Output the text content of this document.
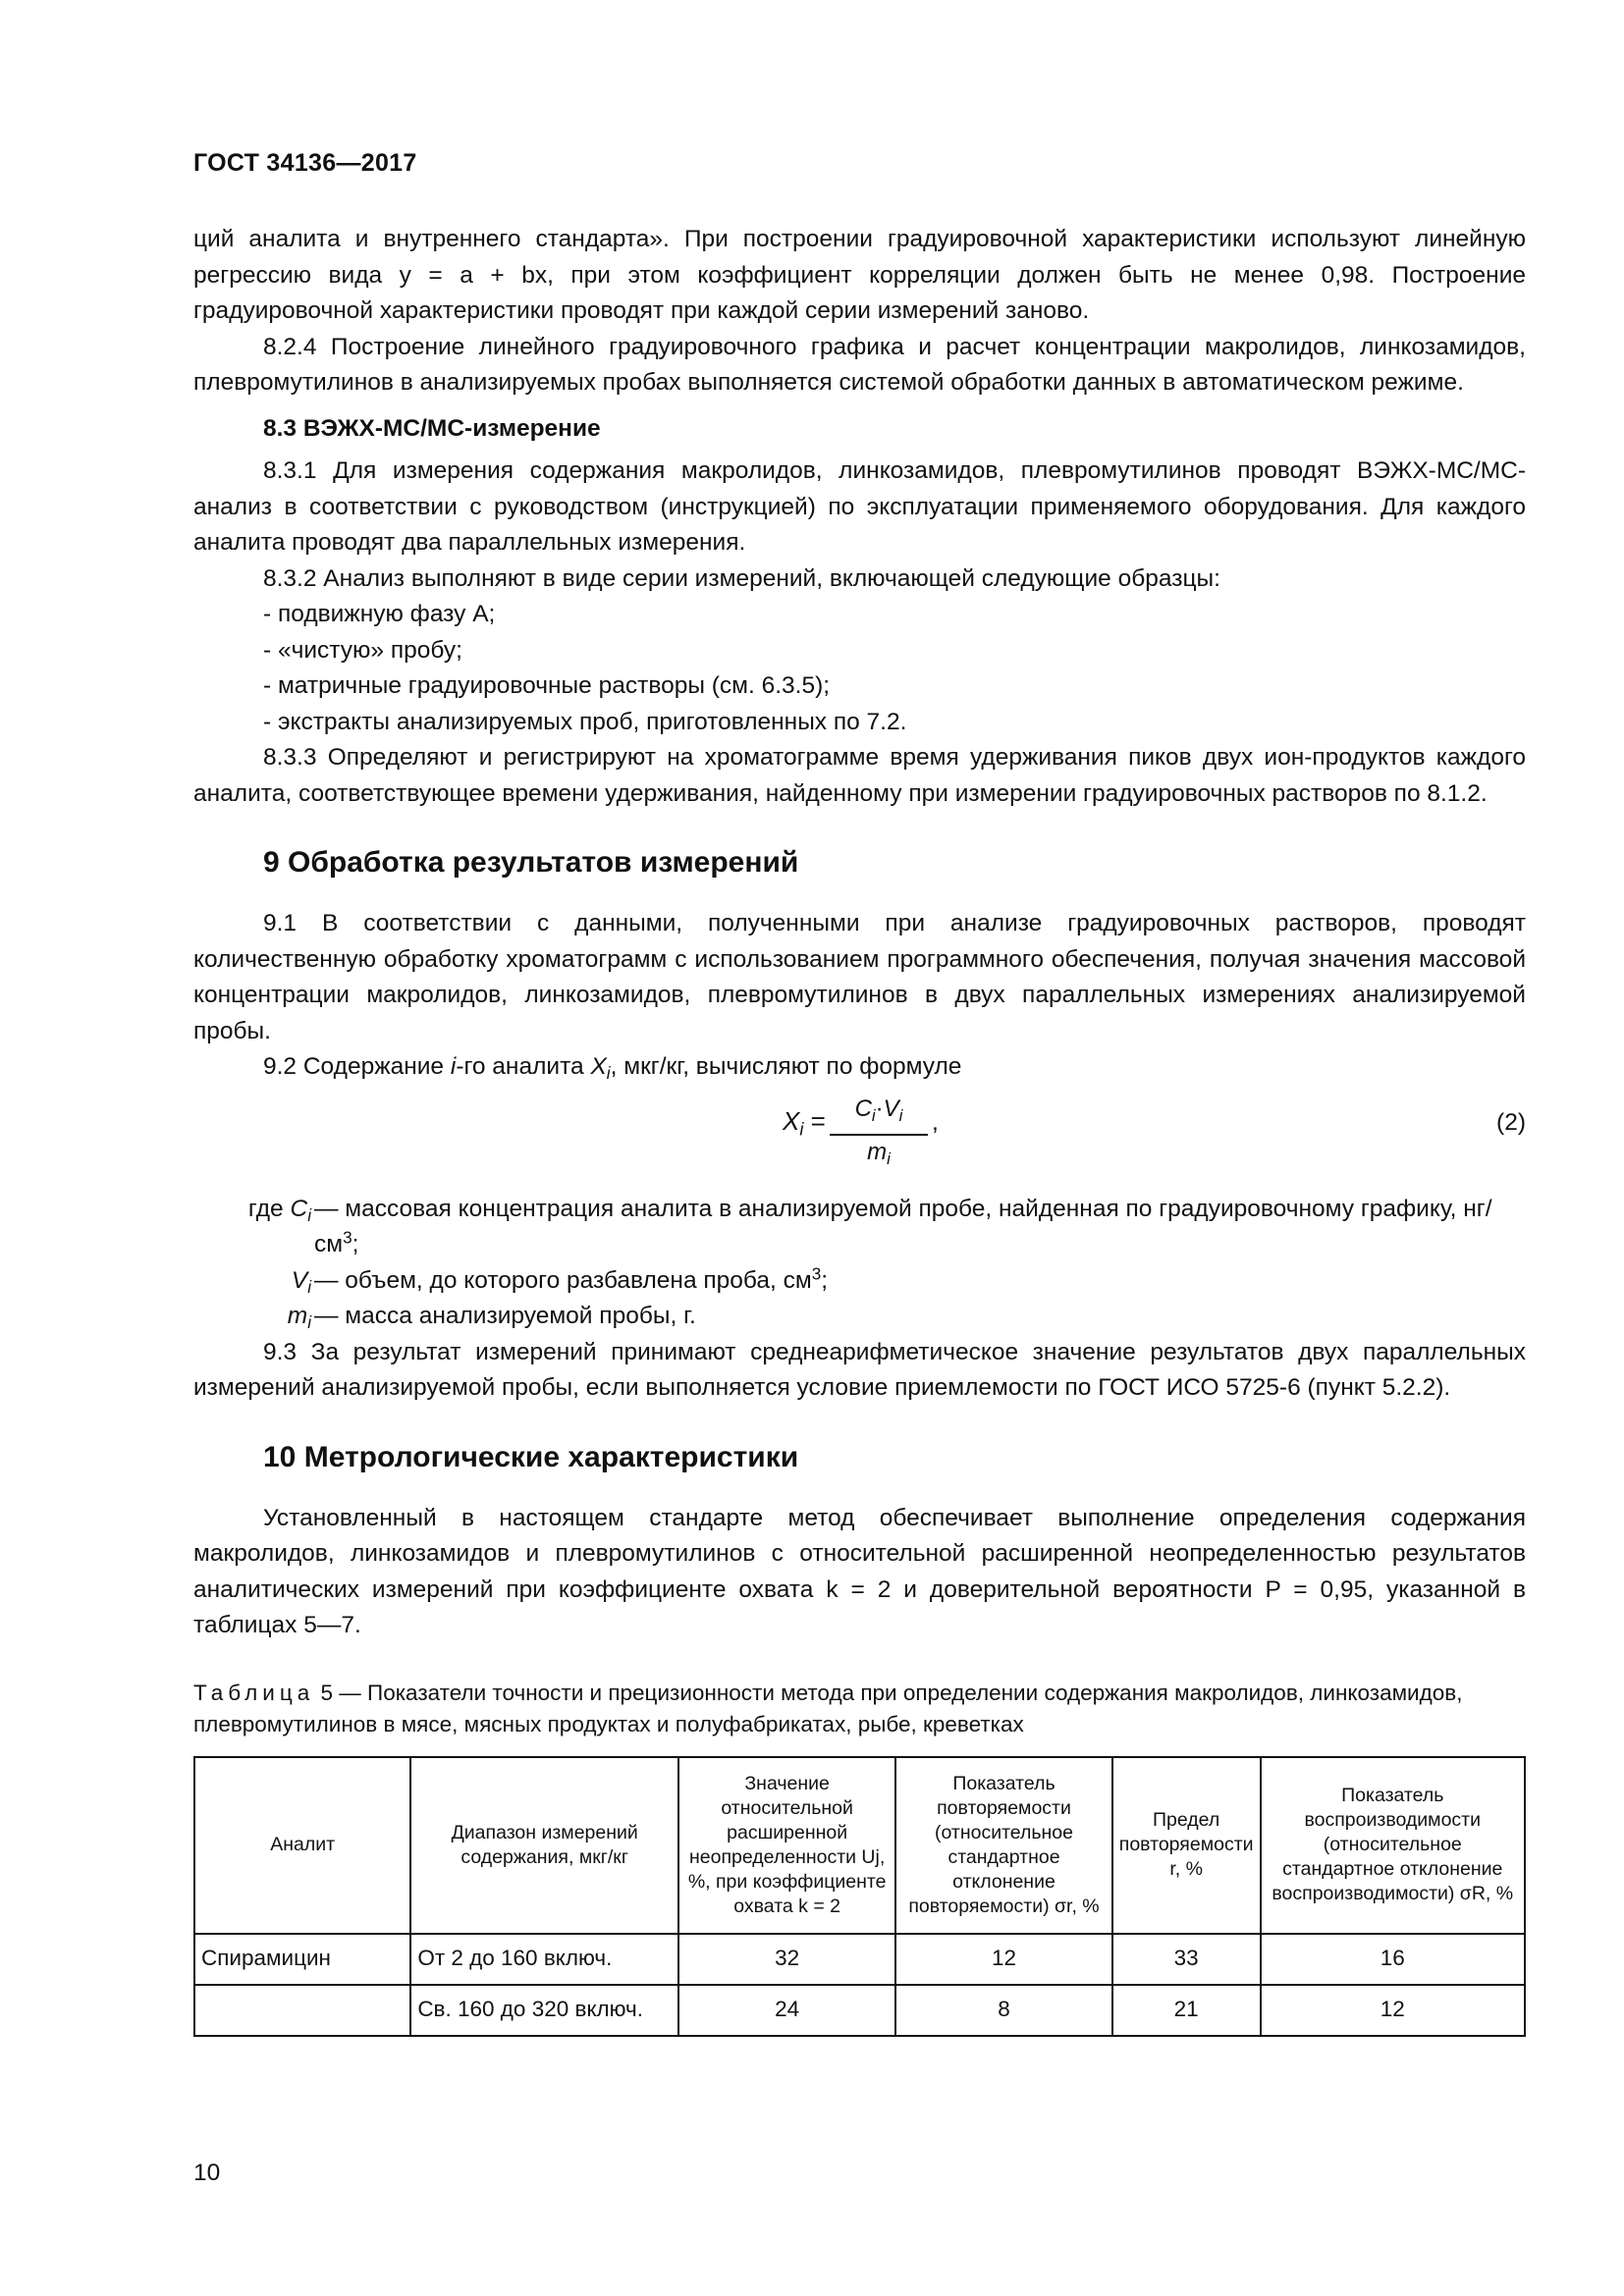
ГОСТ 34136—2017

ций аналита и внутреннего стандарта». При построении градуировочной характеристики используют линейную регрессию вида y = a + bx, при этом коэффициент корреляции должен быть не менее 0,98. Построение градуировочной характеристики проводят при каждой серии измерений заново.

8.2.4 Построение линейного градуировочного графика и расчет концентрации макролидов, линкозамидов, плевромутилинов в анализируемых пробах выполняется системой обработки данных в автоматическом режиме.

8.3 ВЭЖХ-МС/МС-измерение

8.3.1 Для измерения содержания макролидов, линкозамидов, плевромутилинов проводят ВЭЖХ-МС/МС-анализ в соответствии с руководством (инструкцией) по эксплуатации применяемого оборудования. Для каждого аналита проводят два параллельных измерения.

8.3.2 Анализ выполняют в виде серии измерений, включающей следующие образцы:

- подвижную фазу А;

- «чистую» пробу;

- матричные градуировочные растворы (см. 6.3.5);

- экстракты анализируемых проб, приготовленных по 7.2.

8.3.3 Определяют и регистрируют на хроматограмме время удерживания пиков двух ион-продуктов каждого аналита, соответствующее времени удерживания, найденному при измерении градуировочных растворов по 8.1.2.

9 Обработка результатов измерений

9.1 В соответствии с данными, полученными при анализе градуировочных растворов, проводят количественную обработку хроматограмм с использованием программного обеспечения, получая значения массовой концентрации макролидов, линкозамидов, плевромутилинов в двух параллельных измерениях анализируемой пробы.

9.2 Содержание i-го аналита $X_i$, мкг/кг, вычисляют по формуле

$X_i = \frac{C_i\cdot V_i}{m_i}$ ,	(2)
где $C_i$ — массовая концентрация аналита в анализируемой пробе, найденная по градуировочному графику, $нг/см^3$;
$V_i$ — объем, до которого разбавлена проба, $см^3$;
$m_i$ — масса анализируемой пробы, г.

9.3 За результат измерений принимают среднеарифметическое значение результатов двух параллельных измерений анализируемой пробы, если выполняется условие приемлемости по ГОСТ ИСО 5725-6 (пункт 5.2.2).

10 Метрологические характеристики

Установленный в настоящем стандарте метод обеспечивает выполнение определения содержания макролидов, линкозамидов и плевромутилинов с относительной расширенной неопределенностью результатов аналитических измерений при коэффициенте охвата k = 2 и доверительной вероятности P = 0,95, указанной в таблицах 5—7.

Таблица 5 — Показатели точности и прецизионности метода при определении содержания макролидов, линкозамидов, плевромутилинов в мясе, мясных продуктах и полуфабрикатах, рыбе, креветках

Аналит	Диапазон измерений содержания, мкг/кг	Значение относительной расширенной неопределенности Uj, %, при коэффициенте охвата k = 2	Показатель повторяемости (относительное стандартное отклонение повторяемости) σr, %	Предел повторяемости r, %	Показатель воспроизводимости (относительное стандартное отклонение воспроизводимости) σR, %
Спирамицин	От 2 до 160 включ.	32	12	33	16
	Св. 160 до 320 включ.	24	8	21	12
10
